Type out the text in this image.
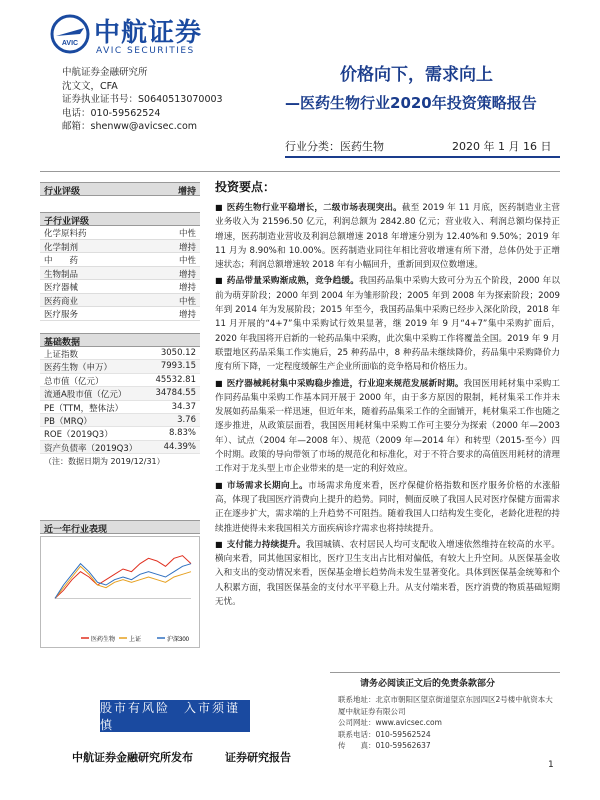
AVIC 中航证券
AVIC SECURITIES
中航证券金融研究所
沈文文，CFA
证券执业证书号：S0640513070003
电话：010-59562524
邮箱：shenww@avicsec.com
价格向下，需求向上
—医药生物行业2020年投资策略报告
行业分类：医药生物	2020 年 1 月 16 日
行业评级	增持
子行业评级
化学原料药	中性
化学制剂	增持
中　　药	中性
生物制品	增持
医疗器械	增持
医药商业	中性
医疗服务	增持
基础数据
上证指数	3050.12
医药生物（申万）	7993.15
总市值（亿元）	45532.81
流通A股市值（亿元）	34784.55
PE（TTM，整体法）	34.37
PB（MRQ）	3.76
ROE（2019Q3）	8.83%
资产负债率（2019Q3）	44.39%
（注：数据日期为 2019/12/31）
近一年行业表现
医药生物 上证	沪深300
投资要点：

■ 医药生物行业平稳增长，二级市场表现突出。截至 2019 年 11 月底，医药制造业主营业务收入为 21596.50 亿元，利润总额为 2842.80 亿元；营业收入、利润总额均保持正增速，医药制造业营收及利润总额增速 2018 年增速分别为 12.40%和 9.50%；2019 年 11 月为 8.90%和 10.00%。医药制造业同往年相比营收增速有所下滑，总体仍处于正增速状态；利润总额增速较 2018 年有小幅回升，重新回到双位数增速。

■ 药品带量采购渐成熟，竞争趋缓。我国药品集中采购大致可分为五个阶段，2000 年以前为萌芽阶段；2000 年到 2004 年为雏形阶段；2005 年到 2008 年为探索阶段；2009 年到 2014 年为发展阶段；2015 年至今，我国药品集中采购已经步入深化阶段，2018 年 11 月开展的“4+7”集中采购试行效果显著，继 2019 年 9 月“4+7”集中采购扩面后，2020 年我国将开启新的一轮药品集中采购，此次集中采购工作将覆盖全国。2019 年 9 月联盟地区药品采集工作实施后，25 种药品中，8 种药品未继续降价，药品集中采购降价力度有所下降，一定程度缓解生产企业所面临的竞争格局和价格压力。

■ 医疗器械耗材集中采购稳步推进，行业迎来规范发展新时期。我国医用耗材集中采购工作同药品集中采购工作基本同开展于 2000 年，由于多方原因的限制，耗材集采工作并未发展如药品集采一样迅速，但近年来，随着药品集采工作的全面铺开，耗材集采工作也随之逐步推进，从政策层面看，我国医用耗材集中采购工作可主要分为探索（2000 年—2003 年）、试点（2004 年—2008 年）、规范（2009 年—2014 年）和转型（2015-至今）四个时期。政策的导向带领了市场的规范化和标准化，对于不符合要求的高值医用耗材的清理工作对于龙头型上市企业带来的是一定的利好效应。

■ 市场需求长期向上。市场需求角度来看，医疗保健价格指数和医疗服务价格的水涨船高，体现了我国医疗消费向上提升的趋势。同时，侧面反映了我国人民对医疗保健方面需求正在逐步扩大，需求端的上升趋势不可阻挡。随着我国人口结构发生变化，老龄化进程的持续推进使得未来我国相关方面疾病诊疗需求也将持续提升。

■ 支付能力持续提升。我国城镇、农村居民人均可支配收入增速依然维持在较高的水平。横向来看，同其他国家相比，医疗卫生支出占比相对偏低，有较大上升空间。从医保基金收入和支出的变动情况来看，医保基金增长趋势尚未发生显著变化。具体到医保基金统筹和个人积累方面，我国医保基金的支付水平平稳上升。从支付端来看，医疗消费的物质基础短期无忧。

股市有风险　入市须谨慎
中航证券金融研究所发布	证券研究报告
请务必阅读正文后的免责条款部分
联系地址：北京市朝阳区望京街道望京东园四区2号楼中航资本大厦中航证券有限公司
公司网址：www.avicsec.com
联系电话：010-59562524
传　　真：010-59562637
1
